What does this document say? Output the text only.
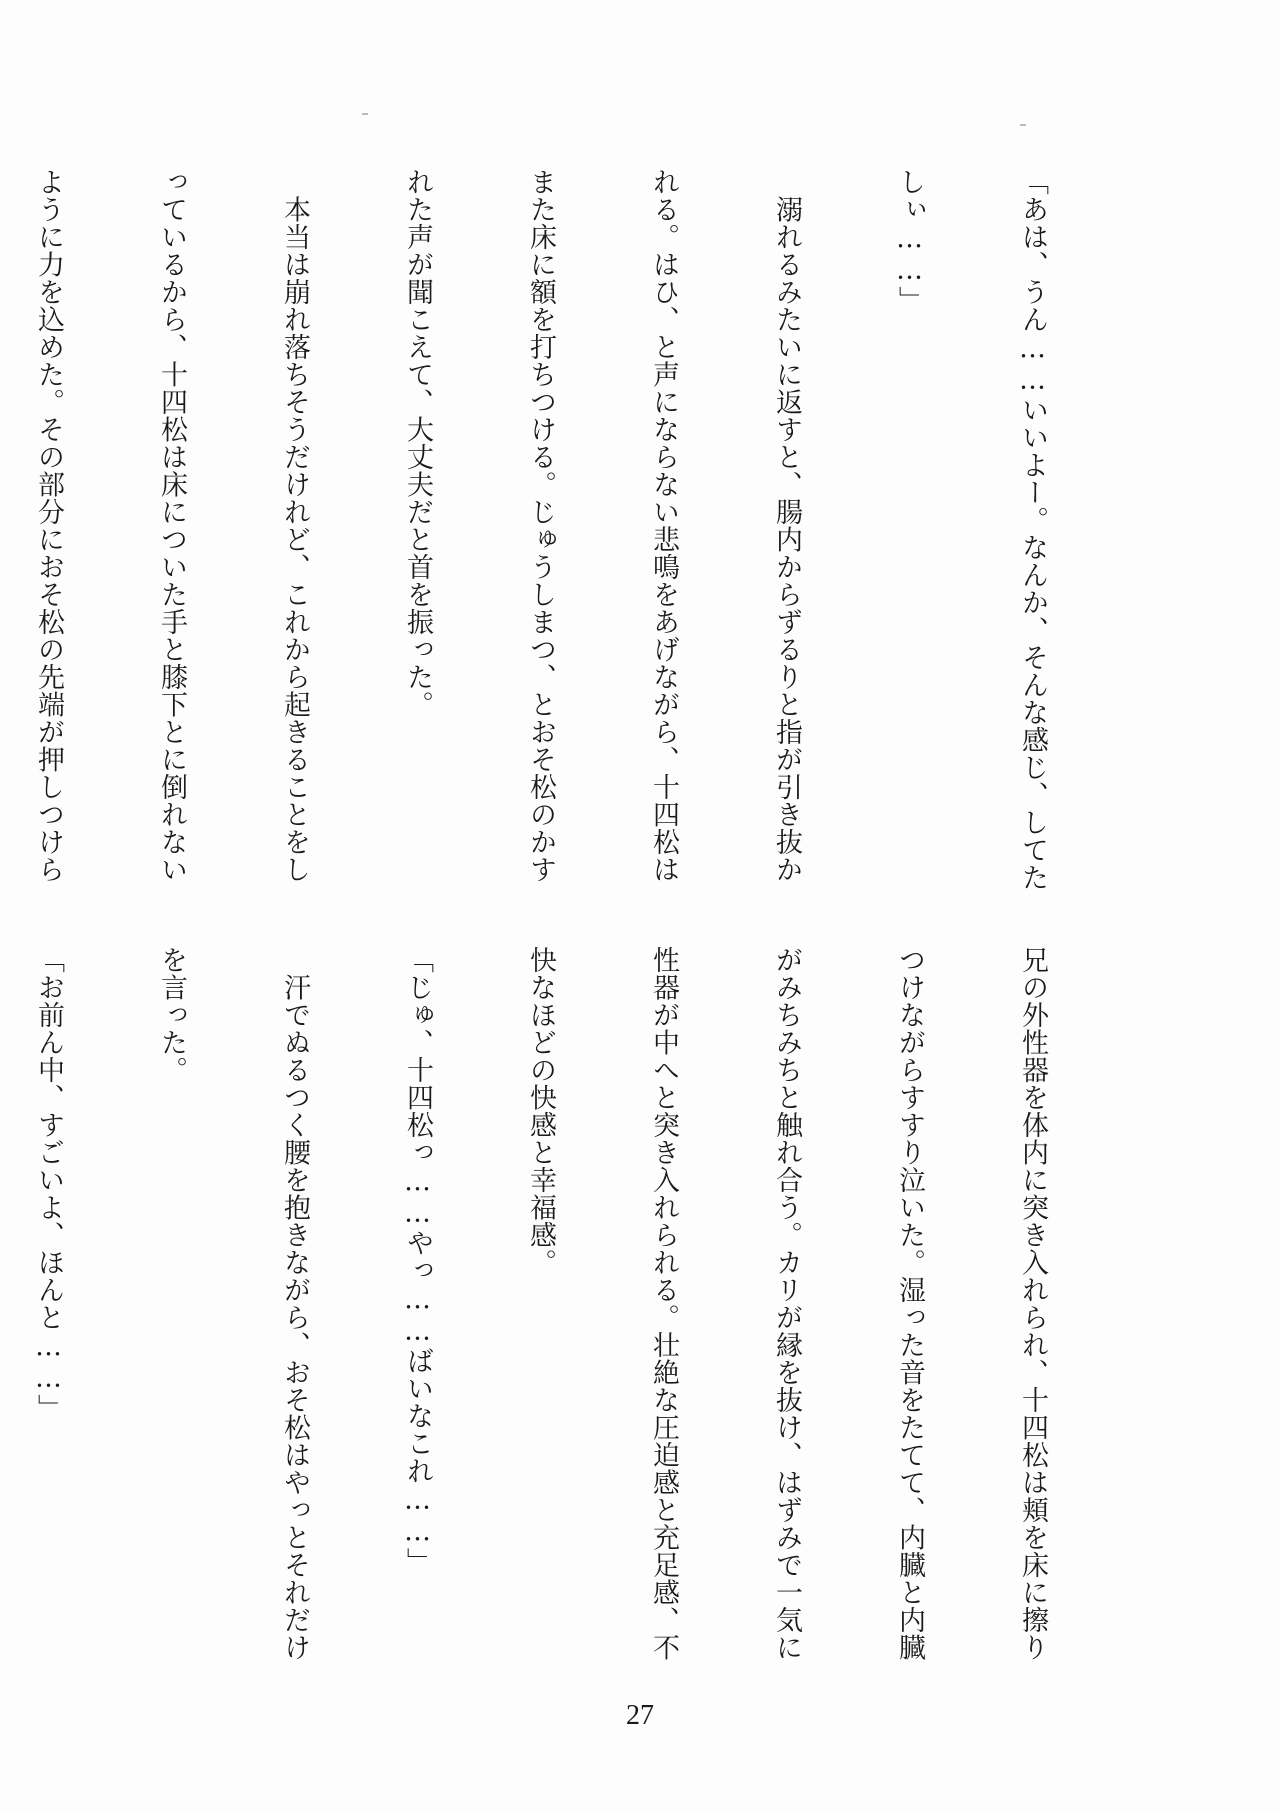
「あは、うん……いいよー。なんか、そんな感じ、してた

しぃ……」

　溺れるみたいに返すと、腸内からずるりと指が引き抜か

れる。はひ、と声にならない悲鳴をあげながら、十四松は

また床に額を打ちつける。じゅうしまつ、とおそ松のかす

れた声が聞こえて、大丈夫だと首を振った。

　本当は崩れ落ちそうだけれど、これから起きることをし

っているから、十四松は床についた手と膝下とに倒れない

ように力を込めた。その部分におそ松の先端が押しつけら

兄の外性器を体内に突き入れられ、十四松は頬を床に擦り

つけながらすすり泣いた。湿った音をたてて、内臓と内臓

がみちみちと触れ合う。カリが縁を抜け、はずみで一気に

性器が中へと突き入れられる。壮絶な圧迫感と充足感、不

快なほどの快感と幸福感。

「じゅ、十四松っ……やっ……ばいなこれ……」

　汗でぬるつく腰を抱きながら、おそ松はやっとそれだけ

を言った。

「お前ん中、すごいよ、ほんと……」

27
